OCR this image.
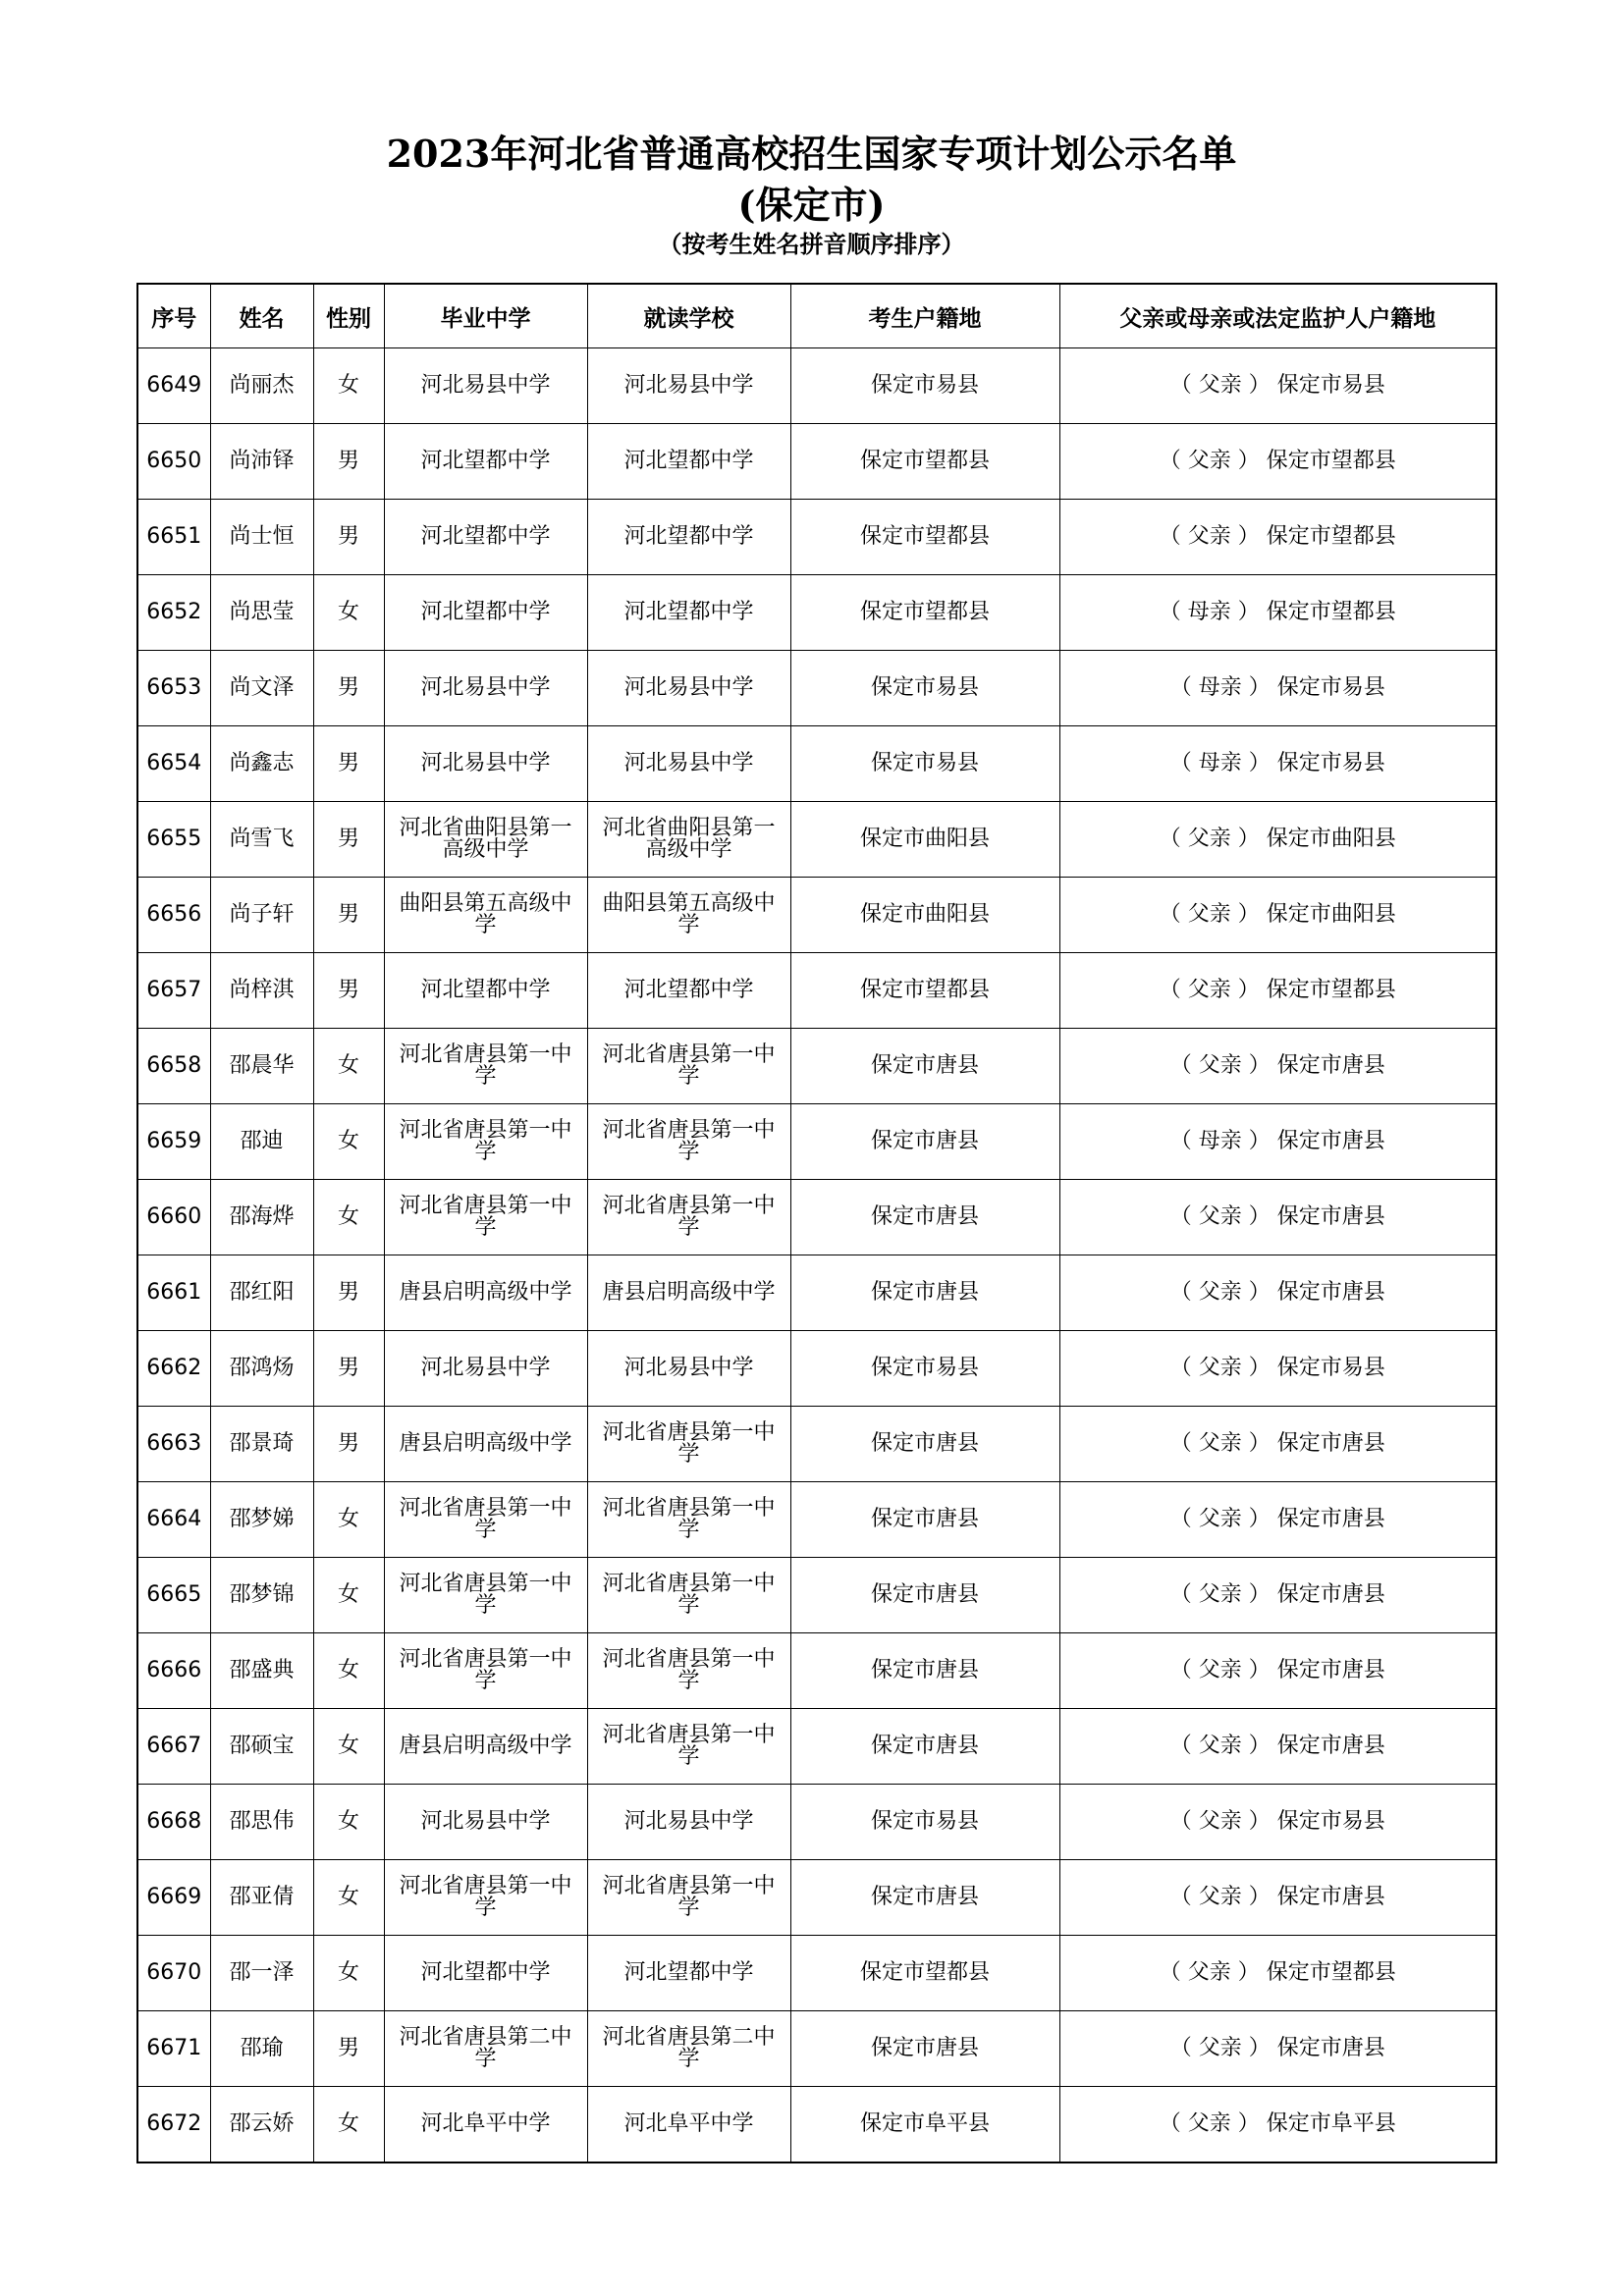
2023年河北省普通高校招生国家专项计划公示名单
(保定市)
（按考生姓名拼音顺序排序）
序号	姓名	性别	毕业中学	就读学校	考生户籍地	父亲或母亲或法定监护人户籍地
6649	尚丽杰	女	河北易县中学	河北易县中学	保定市易县	（ 父亲 ） 保定市易县
6650	尚沛铎	男	河北望都中学	河北望都中学	保定市望都县	（ 父亲 ） 保定市望都县
6651	尚士恒	男	河北望都中学	河北望都中学	保定市望都县	（ 父亲 ） 保定市望都县
6652	尚思莹	女	河北望都中学	河北望都中学	保定市望都县	（ 母亲 ） 保定市望都县
6653	尚文泽	男	河北易县中学	河北易县中学	保定市易县	（ 母亲 ） 保定市易县
6654	尚鑫志	男	河北易县中学	河北易县中学	保定市易县	（ 母亲 ） 保定市易县
6655	尚雪飞	男	河北省曲阳县第一高级中学	河北省曲阳县第一高级中学	保定市曲阳县	（ 父亲 ） 保定市曲阳县
6656	尚子轩	男	曲阳县第五高级中学	曲阳县第五高级中学	保定市曲阳县	（ 父亲 ） 保定市曲阳县
6657	尚梓淇	男	河北望都中学	河北望都中学	保定市望都县	（ 父亲 ） 保定市望都县
6658	邵晨华	女	河北省唐县第一中学	河北省唐县第一中学	保定市唐县	（ 父亲 ） 保定市唐县
6659	邵迪	女	河北省唐县第一中学	河北省唐县第一中学	保定市唐县	（ 母亲 ） 保定市唐县
6660	邵海烨	女	河北省唐县第一中学	河北省唐县第一中学	保定市唐县	（ 父亲 ） 保定市唐县
6661	邵红阳	男	唐县启明高级中学	唐县启明高级中学	保定市唐县	（ 父亲 ） 保定市唐县
6662	邵鸿炀	男	河北易县中学	河北易县中学	保定市易县	（ 父亲 ） 保定市易县
6663	邵景琦	男	唐县启明高级中学	河北省唐县第一中学	保定市唐县	（ 父亲 ） 保定市唐县
6664	邵梦娣	女	河北省唐县第一中学	河北省唐县第一中学	保定市唐县	（ 父亲 ） 保定市唐县
6665	邵梦锦	女	河北省唐县第一中学	河北省唐县第一中学	保定市唐县	（ 父亲 ） 保定市唐县
6666	邵盛典	女	河北省唐县第一中学	河北省唐县第一中学	保定市唐县	（ 父亲 ） 保定市唐县
6667	邵硕宝	女	唐县启明高级中学	河北省唐县第一中学	保定市唐县	（ 父亲 ） 保定市唐县
6668	邵思伟	女	河北易县中学	河北易县中学	保定市易县	（ 父亲 ） 保定市易县
6669	邵亚倩	女	河北省唐县第一中学	河北省唐县第一中学	保定市唐县	（ 父亲 ） 保定市唐县
6670	邵一泽	女	河北望都中学	河北望都中学	保定市望都县	（ 父亲 ） 保定市望都县
6671	邵瑜	男	河北省唐县第二中学	河北省唐县第二中学	保定市唐县	（ 父亲 ） 保定市唐县
6672	邵云娇	女	河北阜平中学	河北阜平中学	保定市阜平县	（ 父亲 ） 保定市阜平县
